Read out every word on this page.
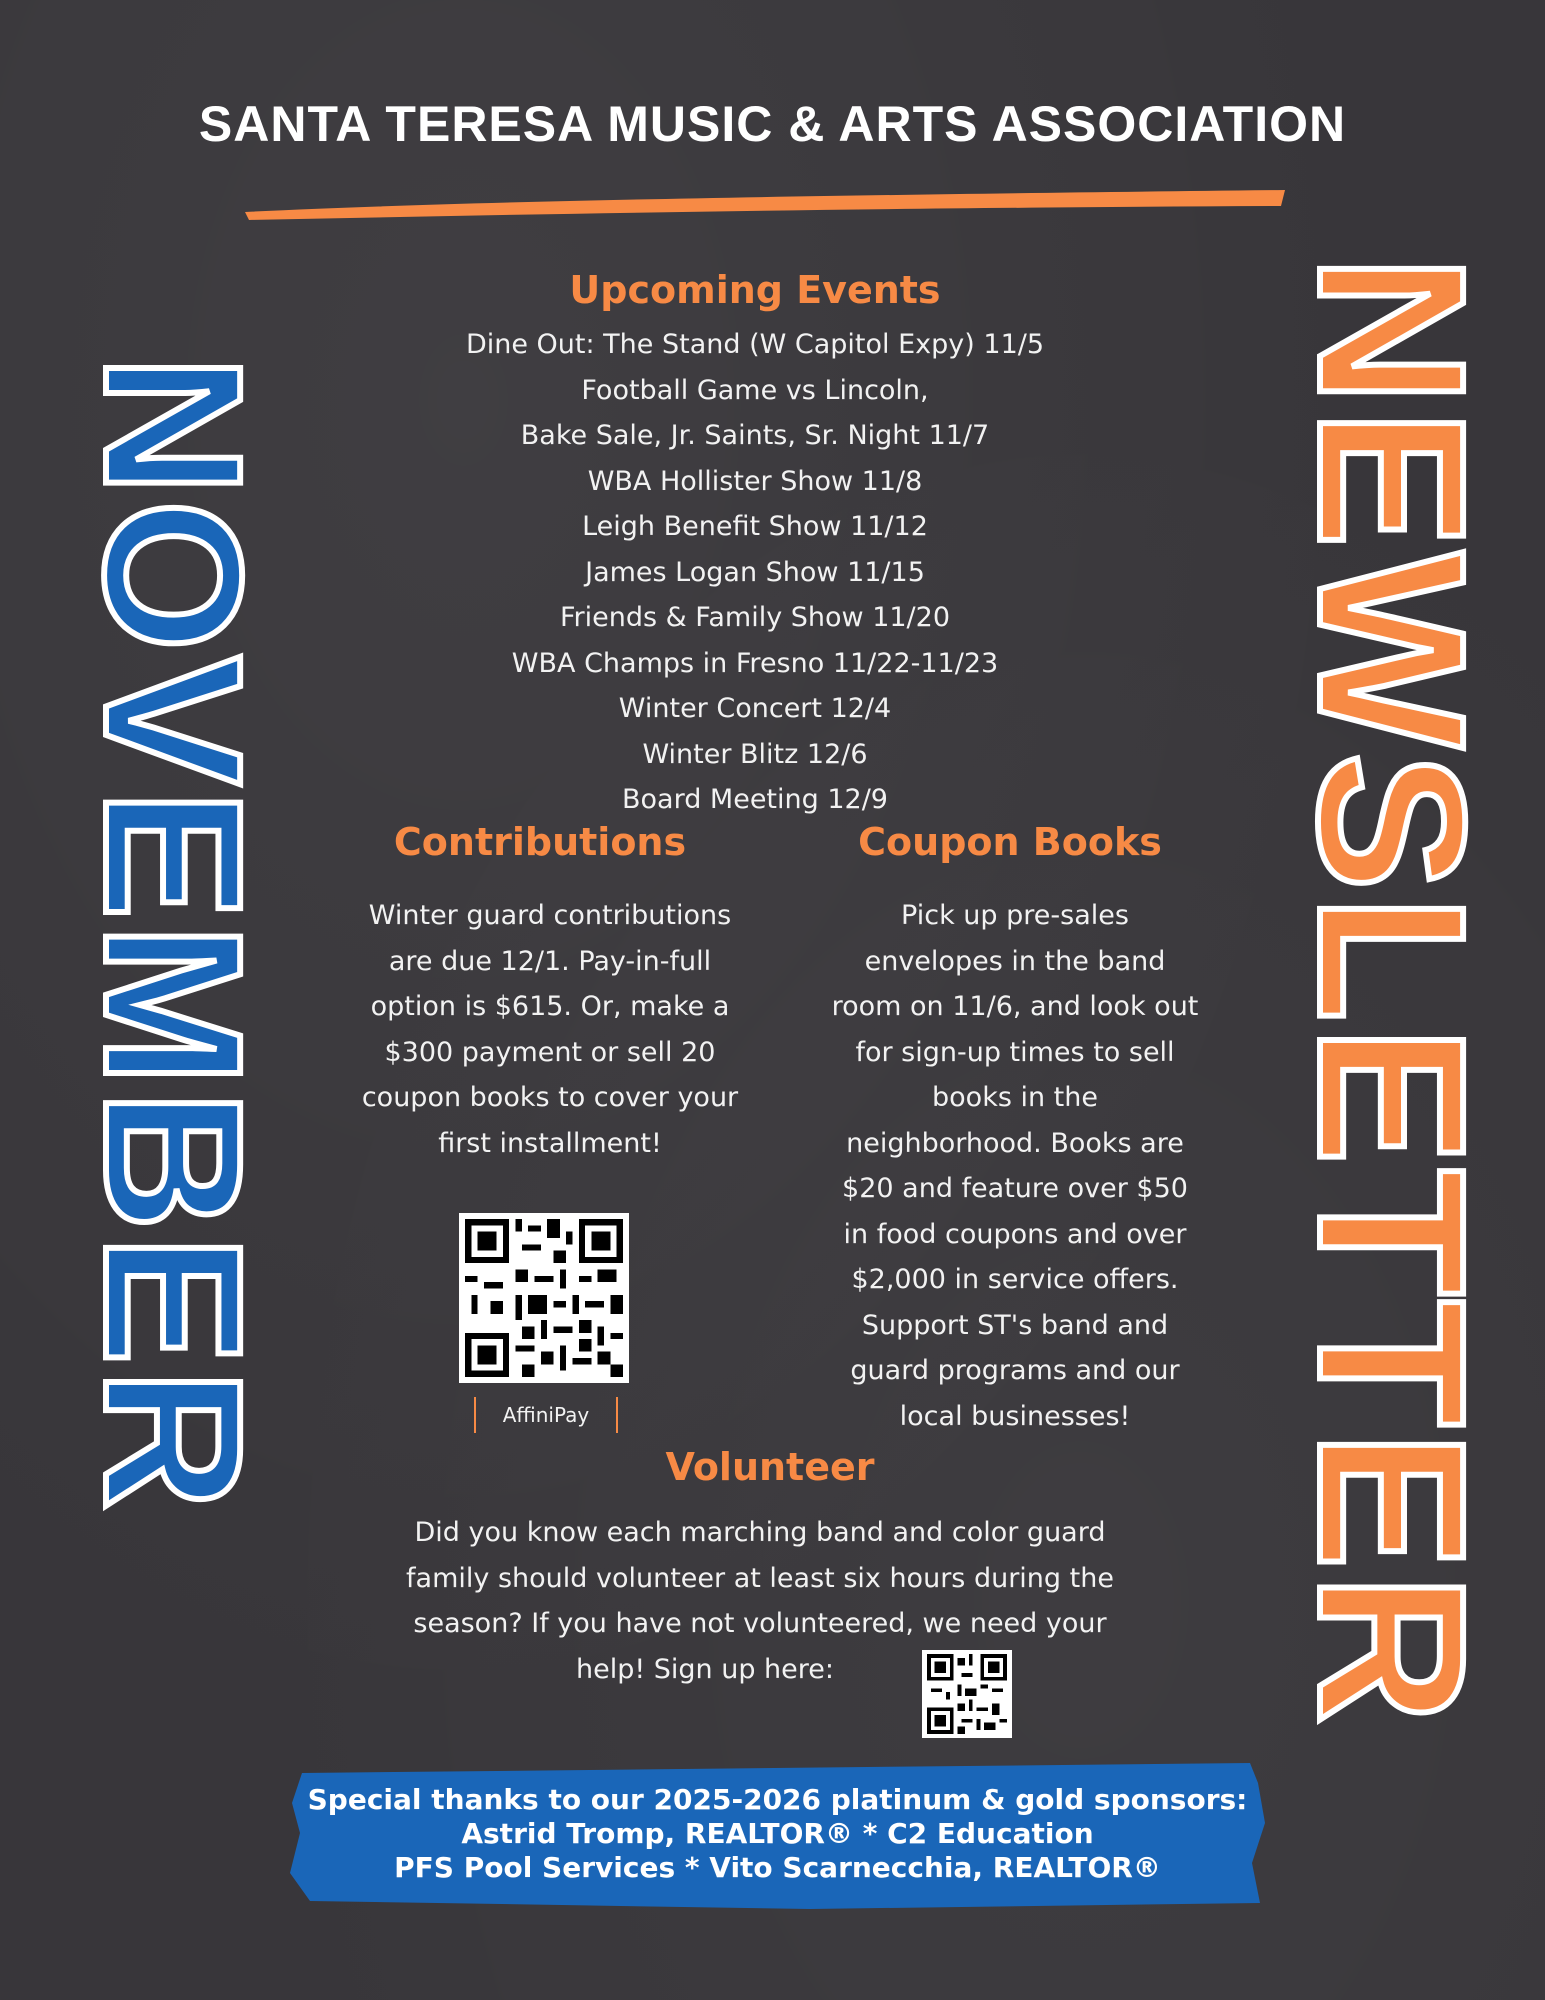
SANTA TERESA MUSIC & ARTS ASSOCIATION
NOVEMBER	NEWSLETTER
Upcoming Events
Dine Out: The Stand (W Capitol Expy) 11/5
Football Game vs Lincoln,
Bake Sale, Jr. Saints, Sr. Night 11/7
WBA Hollister Show 11/8
Leigh Benefit Show 11/12
James Logan Show 11/15
Friends & Family Show 11/20
WBA Champs in Fresno 11/22-11/23
Winter Concert 12/4
Winter Blitz 12/6
Board Meeting 12/9
Contributions
Winter guard contributions
are due 12/1. Pay-in-full
option is $615. Or, make a
$300 payment or sell 20
coupon books to cover your
first installment!
AffiniPay
Coupon Books
Pick up pre-sales
envelopes in the band
room on 11/6, and look out
for sign-up times to sell
books in the
neighborhood. Books are
$20 and feature over $50
in food coupons and over
$2,000 in service offers.
Support ST's band and
guard programs and our
local businesses!
Volunteer
Did you know each marching band and color guard
family should volunteer at least six hours during the
season? If you have not volunteered, we need your
help! Sign up here:
Special thanks to our 2025-2026 platinum & gold sponsors:
Astrid Tromp, REALTOR® * C2 Education
PFS Pool Services * Vito Scarnecchia, REALTOR®
